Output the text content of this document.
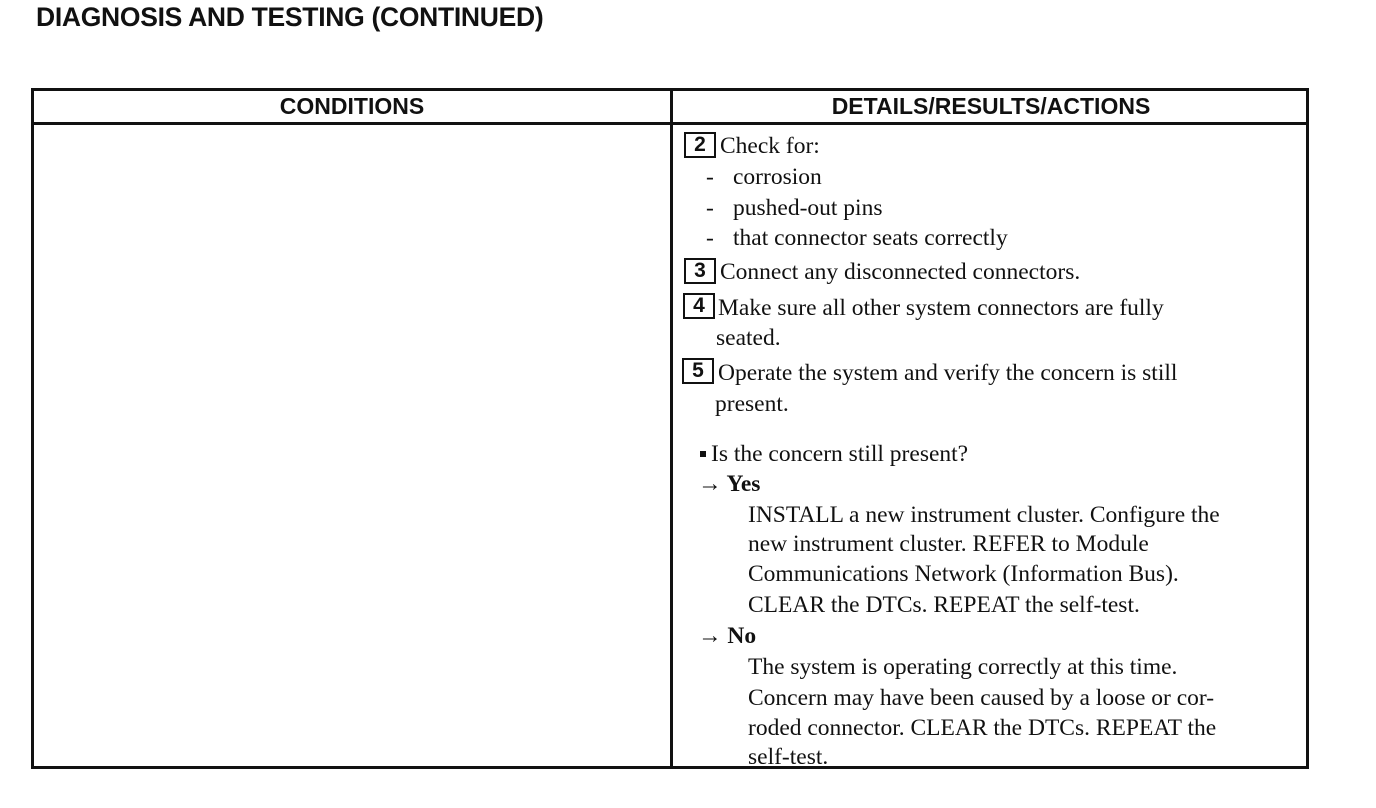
DIAGNOSIS AND TESTING (CONTINUED)
CONDITIONS	DETAILS/RESULTS/ACTIONS
2 Check for:
- corrosion
- pushed-out pins
- that connector seats correctly
3 Connect any disconnected connectors.
4 Make sure all other system connectors are fully
seated.
5 Operate the system and verify the concern is still
present.
Is the concern still present?
→ Yes
INSTALL a new instrument cluster. Configure the
new instrument cluster. REFER to Module
Communications Network (Information Bus).
CLEAR the DTCs. REPEAT the self-test.
→ No
The system is operating correctly at this time.
Concern may have been caused by a loose or cor-
roded connector. CLEAR the DTCs. REPEAT the
self-test.
